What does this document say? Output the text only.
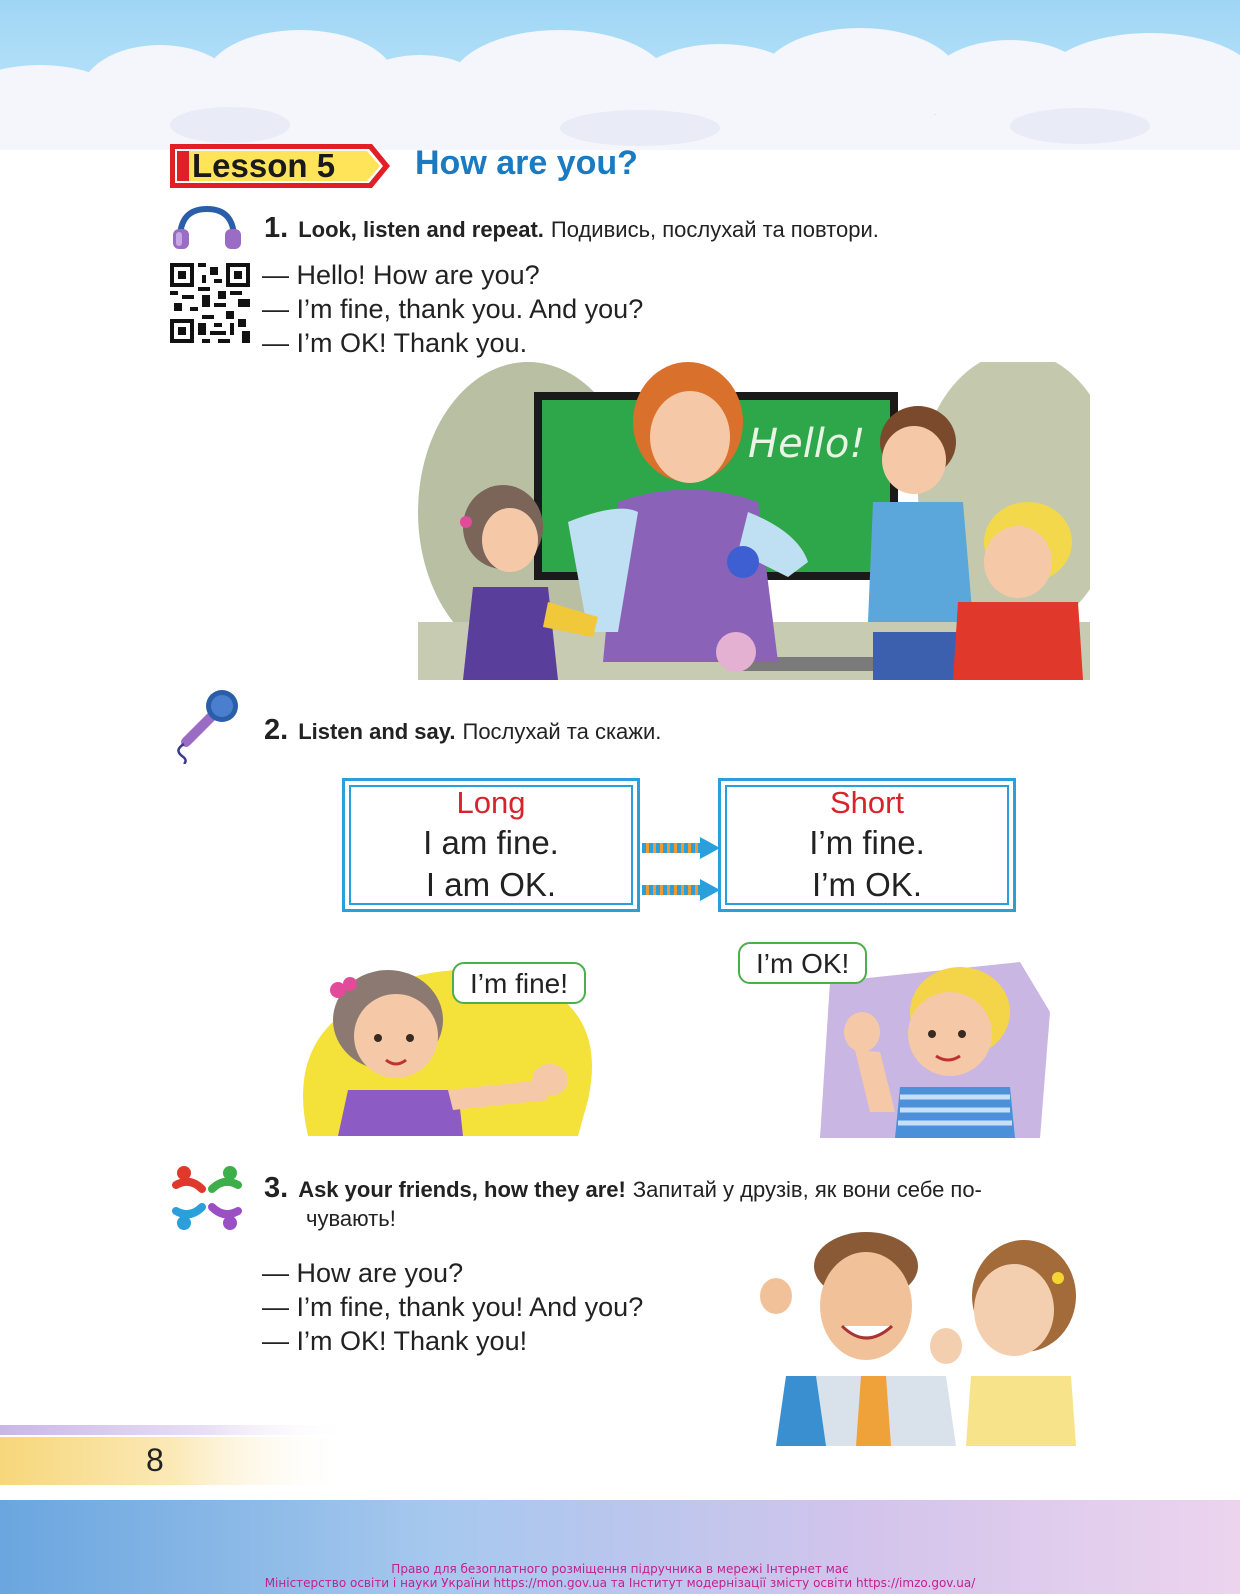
Lesson 5 How are you?
1. Look, listen and repeat. Подивись, послухай та повтори.
— Hello! How are you?
— I’m fine, thank you. And you?
— I’m OK! Thank you.
Hello!
2. Listen and say. Послухай та скажи.
Long
I am fine.
I am OK.
Short
I’m fine.
I’m OK.
I’m fine!
I’m OK!
3. Ask your friends, how they are! Запитай у друзів, як вони себе по-
чувають!
— How are you?
— I’m fine, thank you! And you?
— I’m OK! Thank you!
8
Право для безоплатного розміщення підручника в мережі Інтернет має
Міністерство освіти і науки України https://mon.gov.ua та Інститут модернізації змісту освіти https://imzo.gov.ua/
